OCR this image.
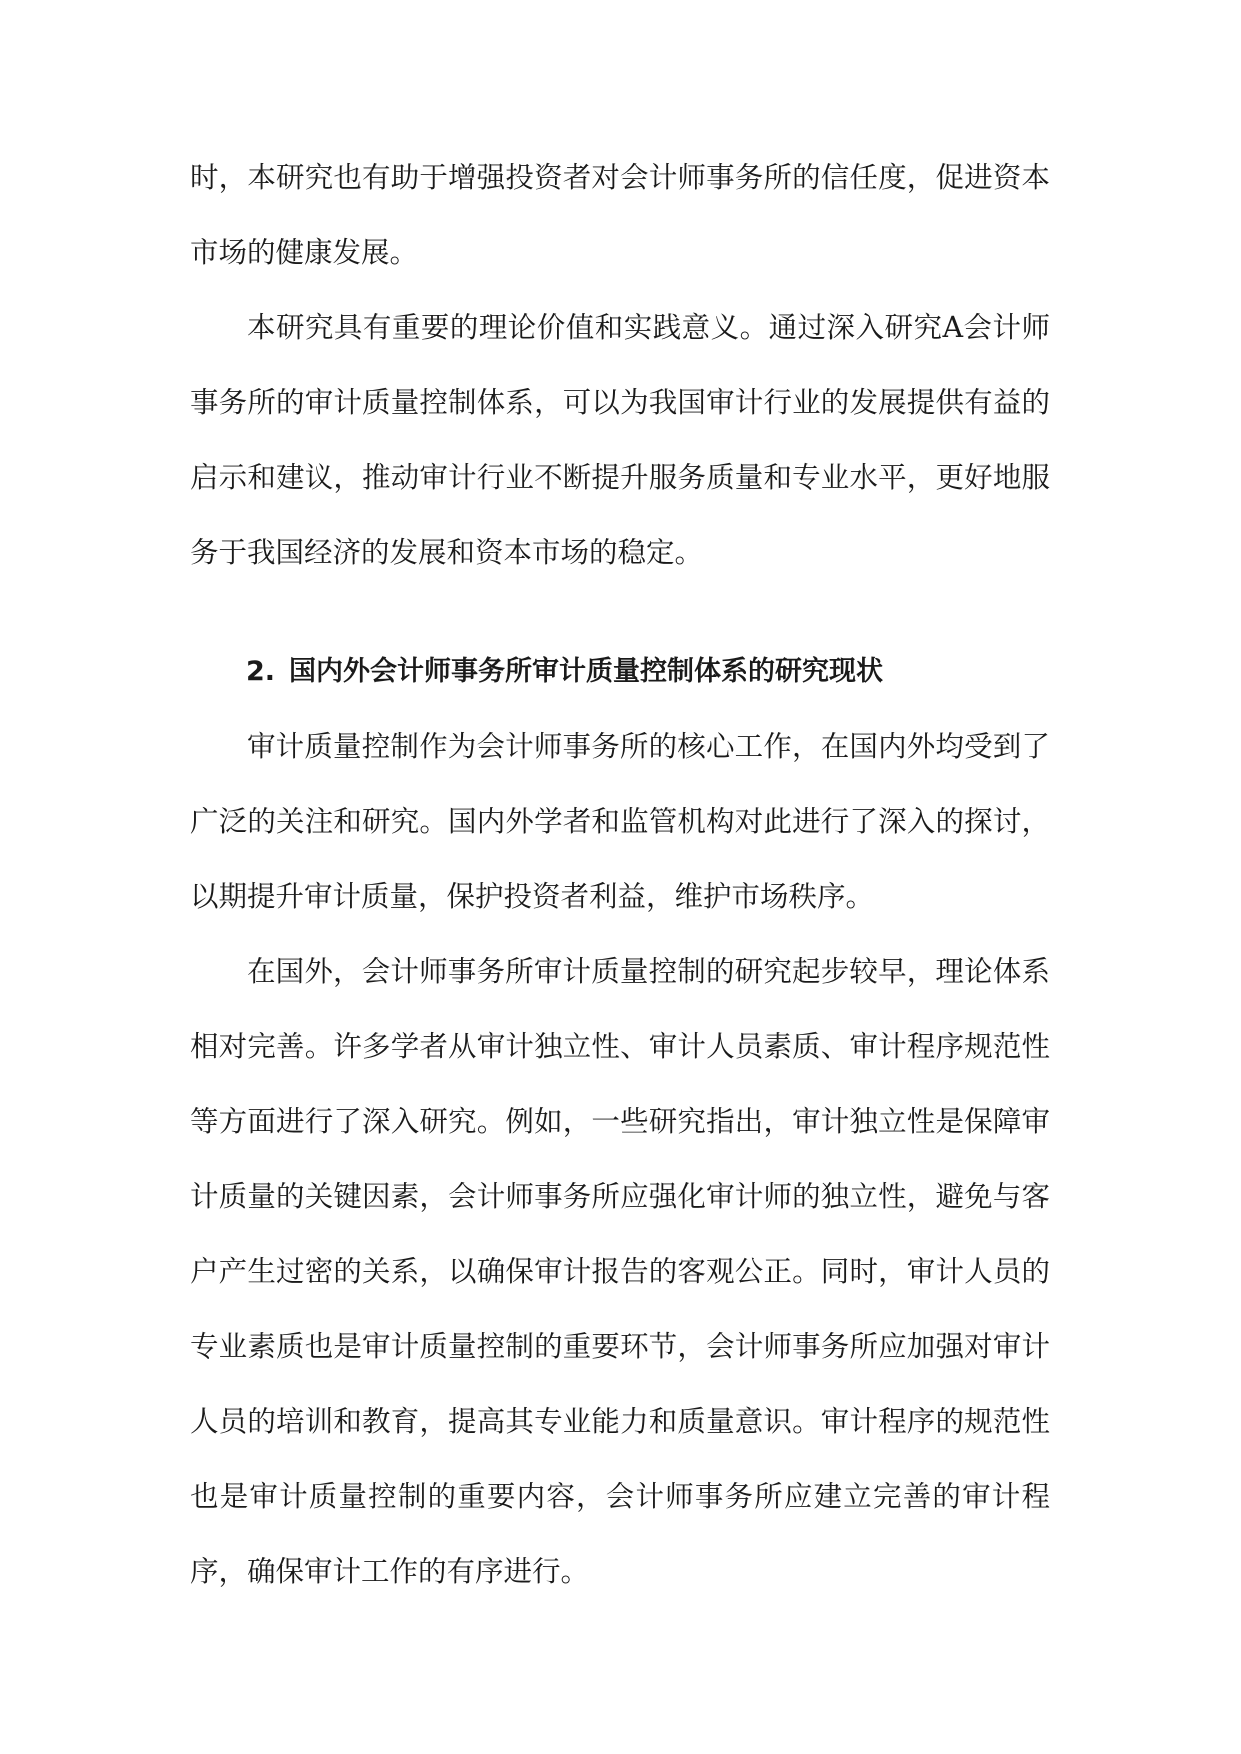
时，本研究也有助于增强投资者对会计师事务所的信任度，促进资本市场的健康发展。

本研究具有重要的理论价值和实践意义。通过深入研究A会计师事务所的审计质量控制体系，可以为我国审计行业的发展提供有益的启示和建议，推动审计行业不断提升服务质量和专业水平，更好地服务于我国经济的发展和资本市场的稳定。

2. 国内外会计师事务所审计质量控制体系的研究现状

审计质量控制作为会计师事务所的核心工作，在国内外均受到了广泛的关注和研究。国内外学者和监管机构对此进行了深入的探讨，以期提升审计质量，保护投资者利益，维护市场秩序。

在国外，会计师事务所审计质量控制的研究起步较早，理论体系相对完善。许多学者从审计独立性、审计人员素质、审计程序规范性等方面进行了深入研究。例如，一些研究指出，审计独立性是保障审计质量的关键因素，会计师事务所应强化审计师的独立性，避免与客户产生过密的关系，以确保审计报告的客观公正。同时，审计人员的专业素质也是审计质量控制的重要环节，会计师事务所应加强对审计人员的培训和教育，提高其专业能力和质量意识。审计程序的规范性也是审计质量控制的重要内容，会计师事务所应建立完善的审计程序，确保审计工作的有序进行。
